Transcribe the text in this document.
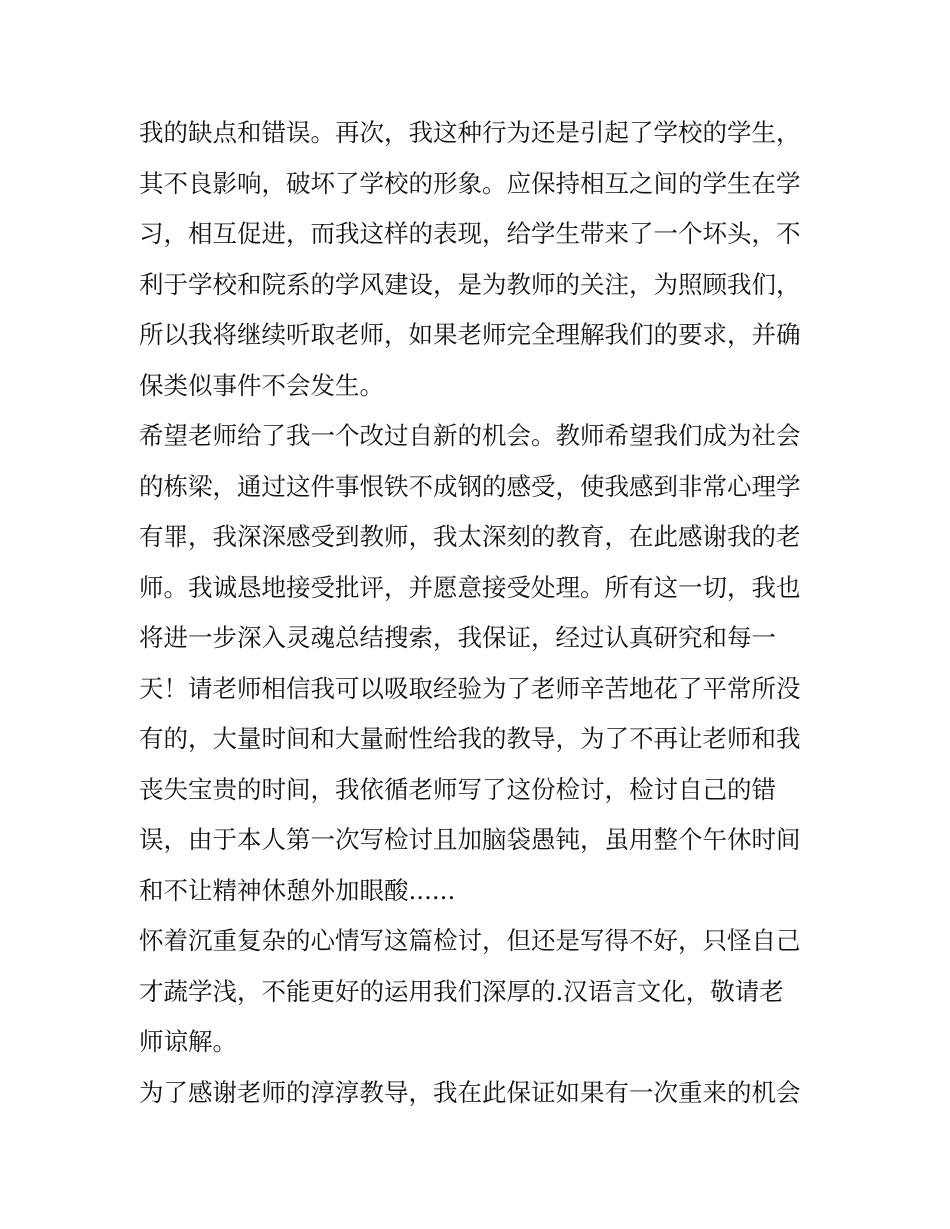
我的缺点和错误。再次，我这种行为还是引起了学校的学生，
其不良影响，破坏了学校的形象。应保持相互之间的学生在学
习，相互促进，而我这样的表现，给学生带来了一个坏头，不
利于学校和院系的学风建设，是为教师的关注，为照顾我们，
所以我将继续听取老师，如果老师完全理解我们的要求，并确
保类似事件不会发生。
希望老师给了我一个改过自新的机会。教师希望我们成为社会
的栋梁，通过这件事恨铁不成钢的感受，使我感到非常心理学
有罪，我深深感受到教师，我太深刻的教育，在此感谢我的老
师。我诚恳地接受批评，并愿意接受处理。所有这一切，我也
将进一步深入灵魂总结搜索，我保证，经过认真研究和每一
天！请老师相信我可以吸取经验为了老师辛苦地花了平常所没
有的，大量时间和大量耐性给我的教导，为了不再让老师和我
丧失宝贵的时间，我依循老师写了这份检讨，检讨自己的错
误，由于本人第一次写检讨且加脑袋愚钝，虽用整个午休时间
和不让精神休憩外加眼酸......
怀着沉重复杂的心情写这篇检讨，但还是写得不好，只怪自己
才蔬学浅，不能更好的运用我们深厚的.汉语言文化，敬请老
师谅解。
为了感谢老师的淳淳教导，我在此保证如果有一次重来的机会
